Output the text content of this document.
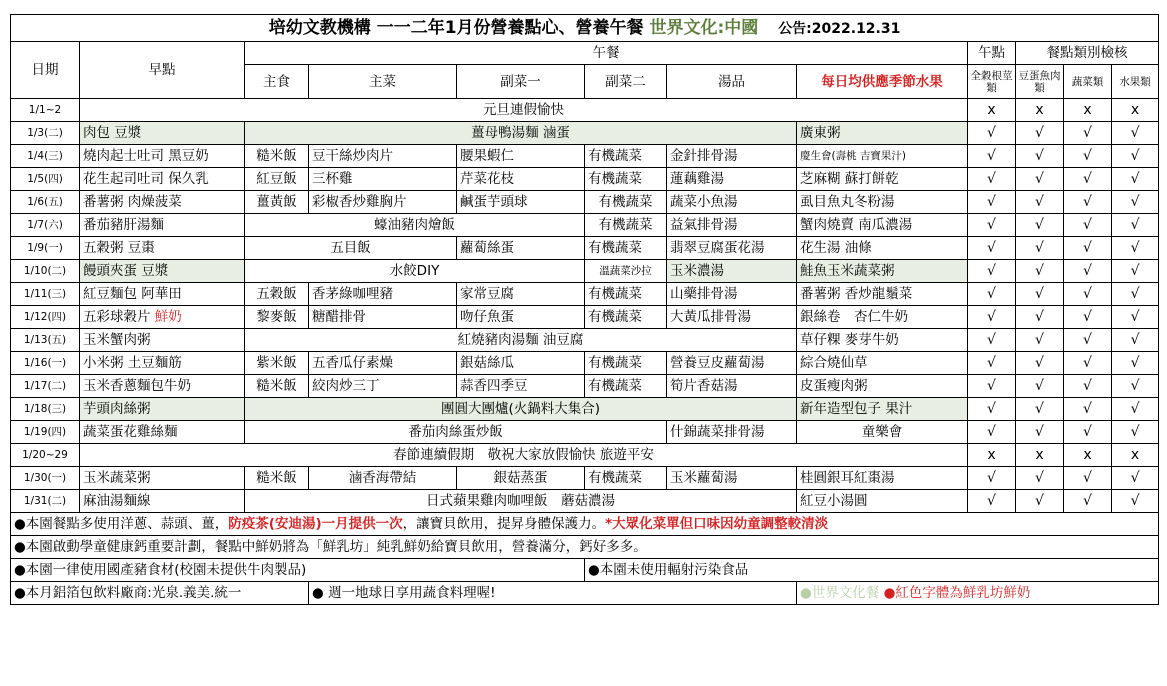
培幼文教機構 一一二年1月份營養點心、營養午餐 世界文化:中國 公告:2022.12.31											
日期	早點	午餐						午點	餐點類別檢核		
		主食	主菜	副菜一	副菜二	湯品	每日均供應季節水果	全穀根莖類	豆蛋魚肉類	蔬菜類	水果類
1/1~2	元旦連假愉快							x	x	x	x
1/3(二)	肉包 豆漿	薑母鴨湯麵 滷蛋					廣東粥	√	√	√	√
1/4(三)	燒肉起士吐司 黑豆奶	糙米飯	豆干絲炒肉片	腰果蝦仁	有機蔬菜	金針排骨湯	慶生會(壽桃 吉寶果汁)	√	√	√	√
1/5(四)	花生起司吐司 保久乳	紅豆飯	三杯雞	芹菜花枝	有機蔬菜	蓮藕雞湯	芝麻糊 蘇打餅乾	√	√	√	√
1/6(五)	番薯粥 肉燥菠菜	薑黃飯	彩椒香炒雞胸片	鹹蛋芋頭球	有機蔬菜	蔬菜小魚湯	虱目魚丸冬粉湯	√	√	√	√
1/7(六)	番茄豬肝湯麵	蠔油豬肉燴飯			有機蔬菜	益氣排骨湯	蟹肉燒賣 南瓜濃湯	√	√	√	√
1/9(一)	五穀粥 豆棗	五目飯		蘿蔔絲蛋	有機蔬菜	翡翠豆腐蛋花湯	花生湯 油條	√	√	√	√
1/10(二)	饅頭夾蛋 豆漿	水餃DIY			溫蔬菜沙拉	玉米濃湯	鮭魚玉米蔬菜粥	√	√	√	√
1/11(三)	紅豆麵包 阿華田	五穀飯	香茅綠咖哩豬	家常豆腐	有機蔬菜	山藥排骨湯	番薯粥 香炒龍鬚菜	√	√	√	√
1/12(四)	五彩球穀片 鮮奶	黎麥飯	糖醋排骨	吻仔魚蛋	有機蔬菜	大黃瓜排骨湯	銀絲卷　杏仁牛奶	√	√	√	√
1/13(五)	玉米蟹肉粥	紅燒豬肉湯麵 油豆腐					草仔粿 麥芽牛奶	√	√	√	√
1/16(一)	小米粥 土豆麵筋	紫米飯	五香瓜仔素燥	銀菇絲瓜	有機蔬菜	營養豆皮蘿蔔湯	綜合燒仙草	√	√	√	√
1/17(二)	玉米香蔥麵包牛奶	糙米飯	絞肉炒三丁	蒜香四季豆	有機蔬菜	筍片香菇湯	皮蛋瘦肉粥	√	√	√	√
1/18(三)	芋頭肉絲粥	團圓大團爐(火鍋料大集合)					新年造型包子 果汁	√	√	√	√
1/19(四)	蔬菜蛋花雞絲麵	番茄肉絲蛋炒飯				什錦蔬菜排骨湯	童樂會	√	√	√	√
1/20~29	春節連續假期　敬祝大家放假愉快 旅遊平安							x	x	x	x
1/30(一)	玉米蔬菜粥	糙米飯	滷香海帶結	銀菇蒸蛋	有機蔬菜	玉米蘿蔔湯	桂圓銀耳紅棗湯	√	√	√	√
1/31(二)	麻油湯麵線	日式蘋果雞肉咖哩飯　蘑菇濃湯					紅豆小湯圓	√	√	√	√
●本園餐點多使用洋蔥、蒜頭、薑，防疫茶(安迪湯)一月提供一次，讓寶貝飲用，提昇身體保護力。*大眾化菜單但口味因幼童調整較清淡											
●本園啟動學童健康鈣重要計劃，餐點中鮮奶將為「鮮乳坊」純乳鮮奶給寶貝飲用，營養滿分，鈣好多多。											
●本園一律使用國產豬食材(校園未提供牛肉製品)					●本園未使用輻射污染食品						
●本月鋁箔包飲料廠商:光泉.義美.統一			● 週一地球日享用蔬食料理喔!				●世界文化餐 ●紅色字體為鮮乳坊鮮奶				
